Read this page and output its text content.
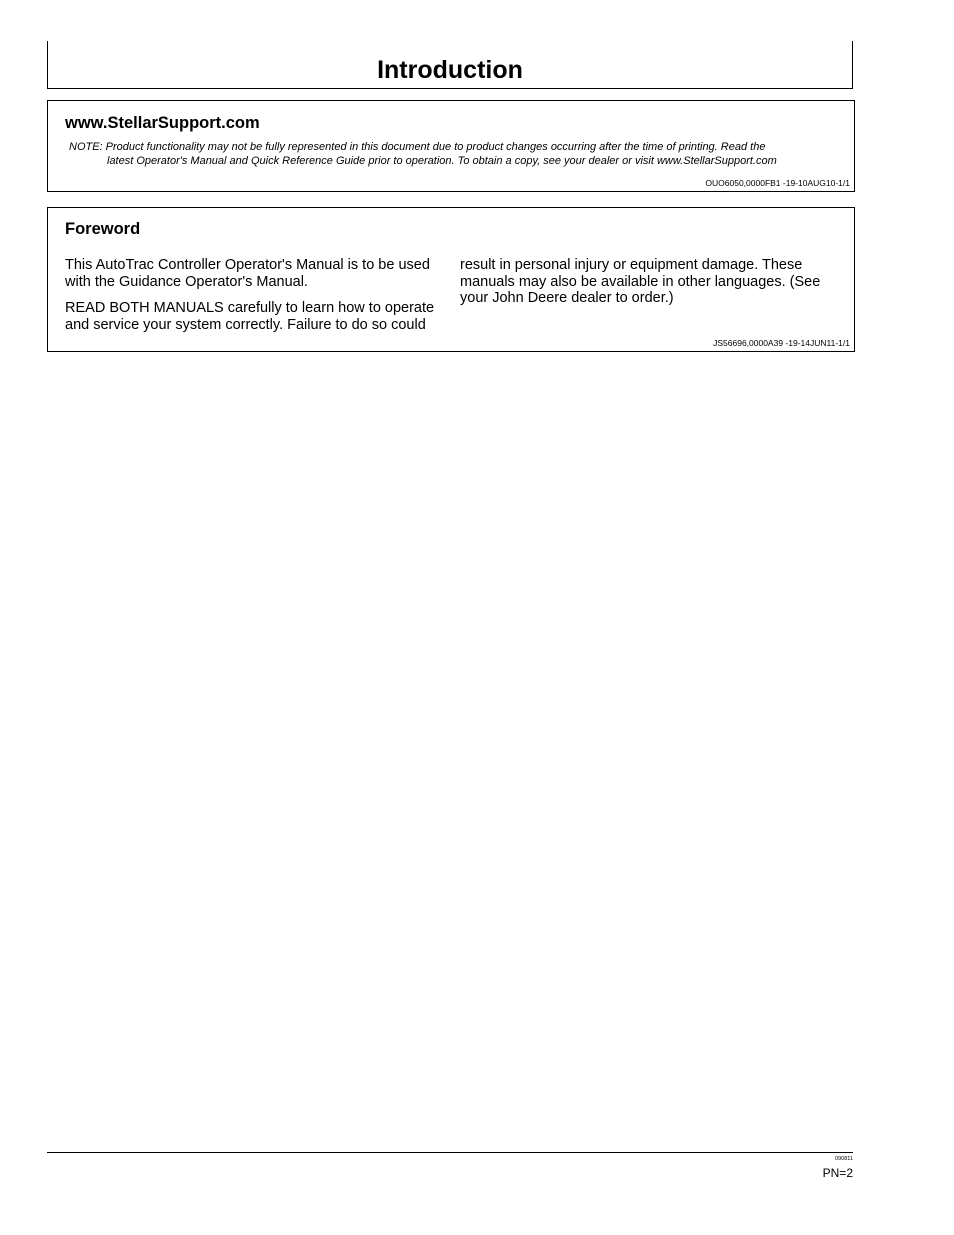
Introduction
www.StellarSupport.com
NOTE: Product functionality may not be fully represented in this document due to product changes occurring after the time of printing. Read the
latest Operator's Manual and Quick Reference Guide prior to operation. To obtain a copy, see your dealer or visit www.StellarSupport.com
OUO6050,0000FB1 -19-10AUG10-1/1
Foreword

This AutoTrac Controller Operator's Manual is to be used with the Guidance Operator's Manual.

READ BOTH MANUALS carefully to learn how to operate and service your system correctly. Failure to do so could

result in personal injury or equipment damage. These manuals may also be available in other languages. (See your John Deere dealer to order.)

JS56696,0000A39 -19-14JUN11-1/1
090811
PN=2
